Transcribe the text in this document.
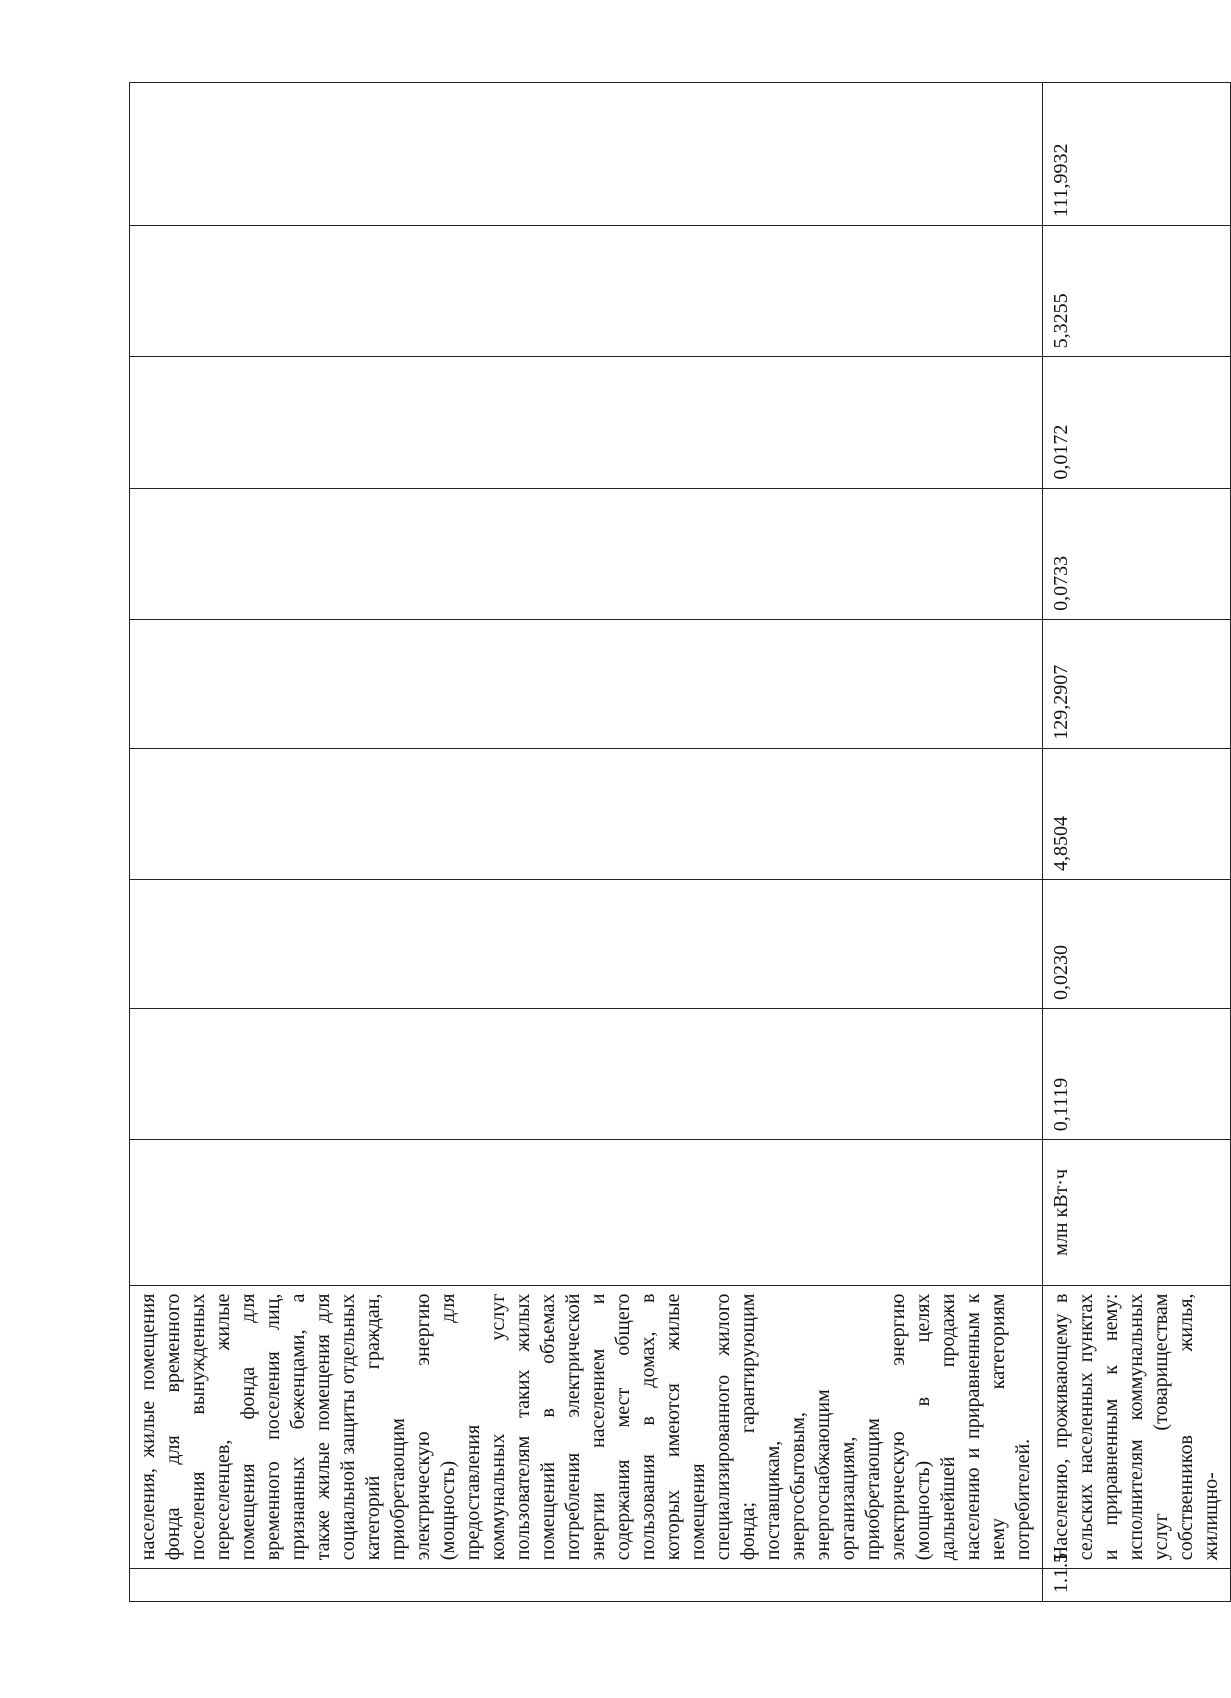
	населения, жилые помещения фонда для временного поселения вынужденных переселенцев, жилые помещения фонда для временного поселения лиц, признанных беженцами, а также жилые помещения для социальной защиты отдельных категорий граждан, приобретающим электрическую энергию (мощность) для предоставления коммунальных услуг пользователям таких жилых помещений в объемах потребления электрической энергии населением и содержания мест общего пользования в домах, в которых имеются жилые помещения специализированного жилого фонда; гарантирующим поставщикам, энергосбытовым, энергоснабжающим организациям, приобретающим электрическую энергию (мощность) в целях дальнейшей продажи населению и приравненным к нему категориям потребителей.									

1.1.5	Населению, проживающему в сельских населенных пунктах и приравненным к нему: исполнителям коммунальных услуг (товариществам собственников жилья, жилищно-	млн кВт·ч	0,1119	0,0230	4,8504	129,2907	0,0733	0,0172	5,3255	111,9932
